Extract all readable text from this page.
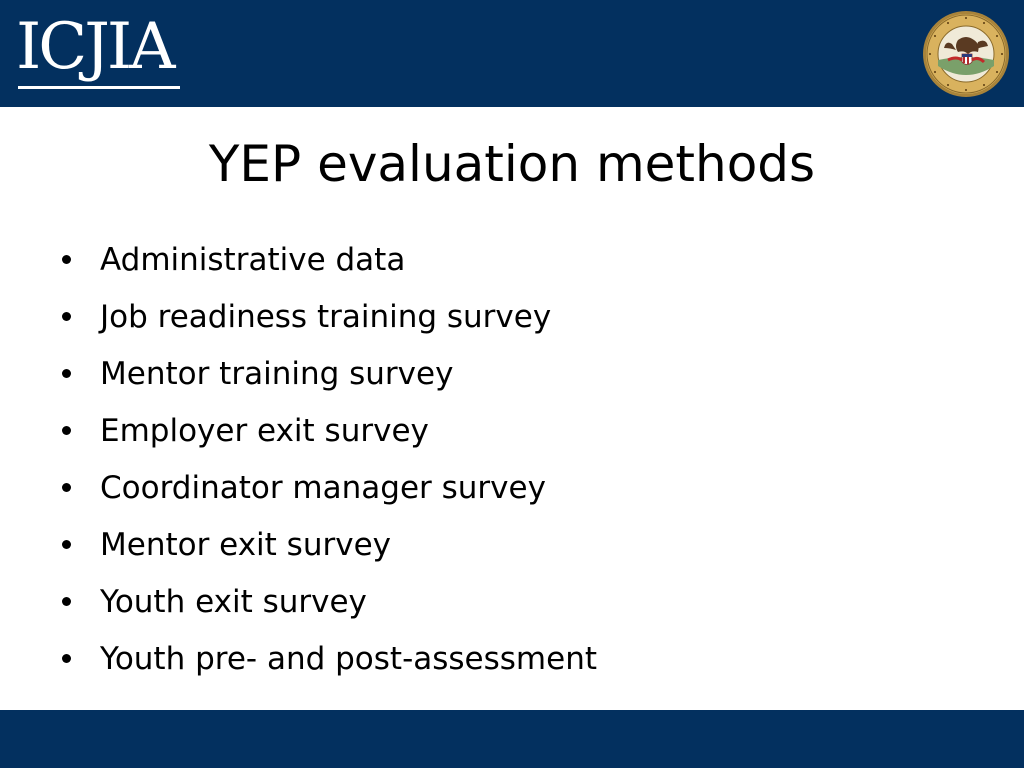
ICJIA
YEP evaluation methods
Administrative data
Job readiness training survey
Mentor training survey
Employer exit survey
Coordinator manager survey
Mentor exit survey
Youth exit survey
Youth pre- and post-assessment
